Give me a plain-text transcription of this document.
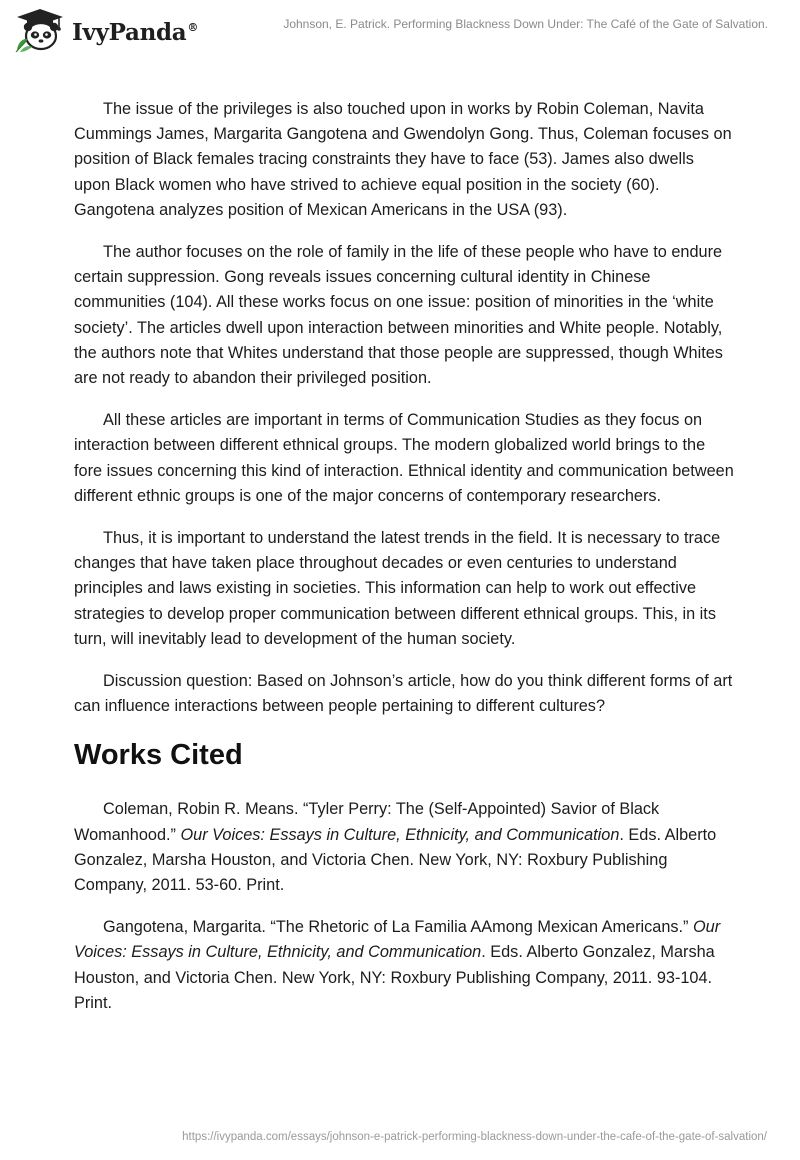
IvyPanda®	Johnson, E. Patrick. Performing Blackness Down Under: The Café of the Gate of Salvation.

The issue of the privileges is also touched upon in works by Robin Coleman, Navita Cummings James, Margarita Gangotena and Gwendolyn Gong. Thus, Coleman focuses on position of Black females tracing constraints they have to face (53). James also dwells upon Black women who have strived to achieve equal position in the society (60). Gangotena analyzes position of Mexican Americans in the USA (93).

The author focuses on the role of family in the life of these people who have to endure certain suppression. Gong reveals issues concerning cultural identity in Chinese communities (104). All these works focus on one issue: position of minorities in the ‘white society’. The articles dwell upon interaction between minorities and White people. Notably, the authors note that Whites understand that those people are suppressed, though Whites are not ready to abandon their privileged position.

All these articles are important in terms of Communication Studies as they focus on interaction between different ethnical groups. The modern globalized world brings to the fore issues concerning this kind of interaction. Ethnical identity and communication between different ethnic groups is one of the major concerns of contemporary researchers.

Thus, it is important to understand the latest trends in the field. It is necessary to trace changes that have taken place throughout decades or even centuries to understand principles and laws existing in societies. This information can help to work out effective strategies to develop proper communication between different ethnical groups. This, in its turn, will inevitably lead to development of the human society.

Discussion question: Based on Johnson’s article, how do you think different forms of art can influence interactions between people pertaining to different cultures?

Works Cited

Coleman, Robin R. Means. “Tyler Perry: The (Self-Appointed) Savior of Black Womanhood.” Our Voices: Essays in Culture, Ethnicity, and Communication. Eds. Alberto Gonzalez, Marsha Houston, and Victoria Chen. New York, NY: Roxbury Publishing Company, 2011. 53-60. Print.

Gangotena, Margarita. “The Rhetoric of La Familia AAmong Mexican Americans.” Our Voices: Essays in Culture, Ethnicity, and Communication. Eds. Alberto Gonzalez, Marsha Houston, and Victoria Chen. New York, NY: Roxbury Publishing Company, 2011. 93-104. Print.

https://ivypanda.com/essays/johnson-e-patrick-performing-blackness-down-under-the-cafe-of-the-gate-of-salvation/
